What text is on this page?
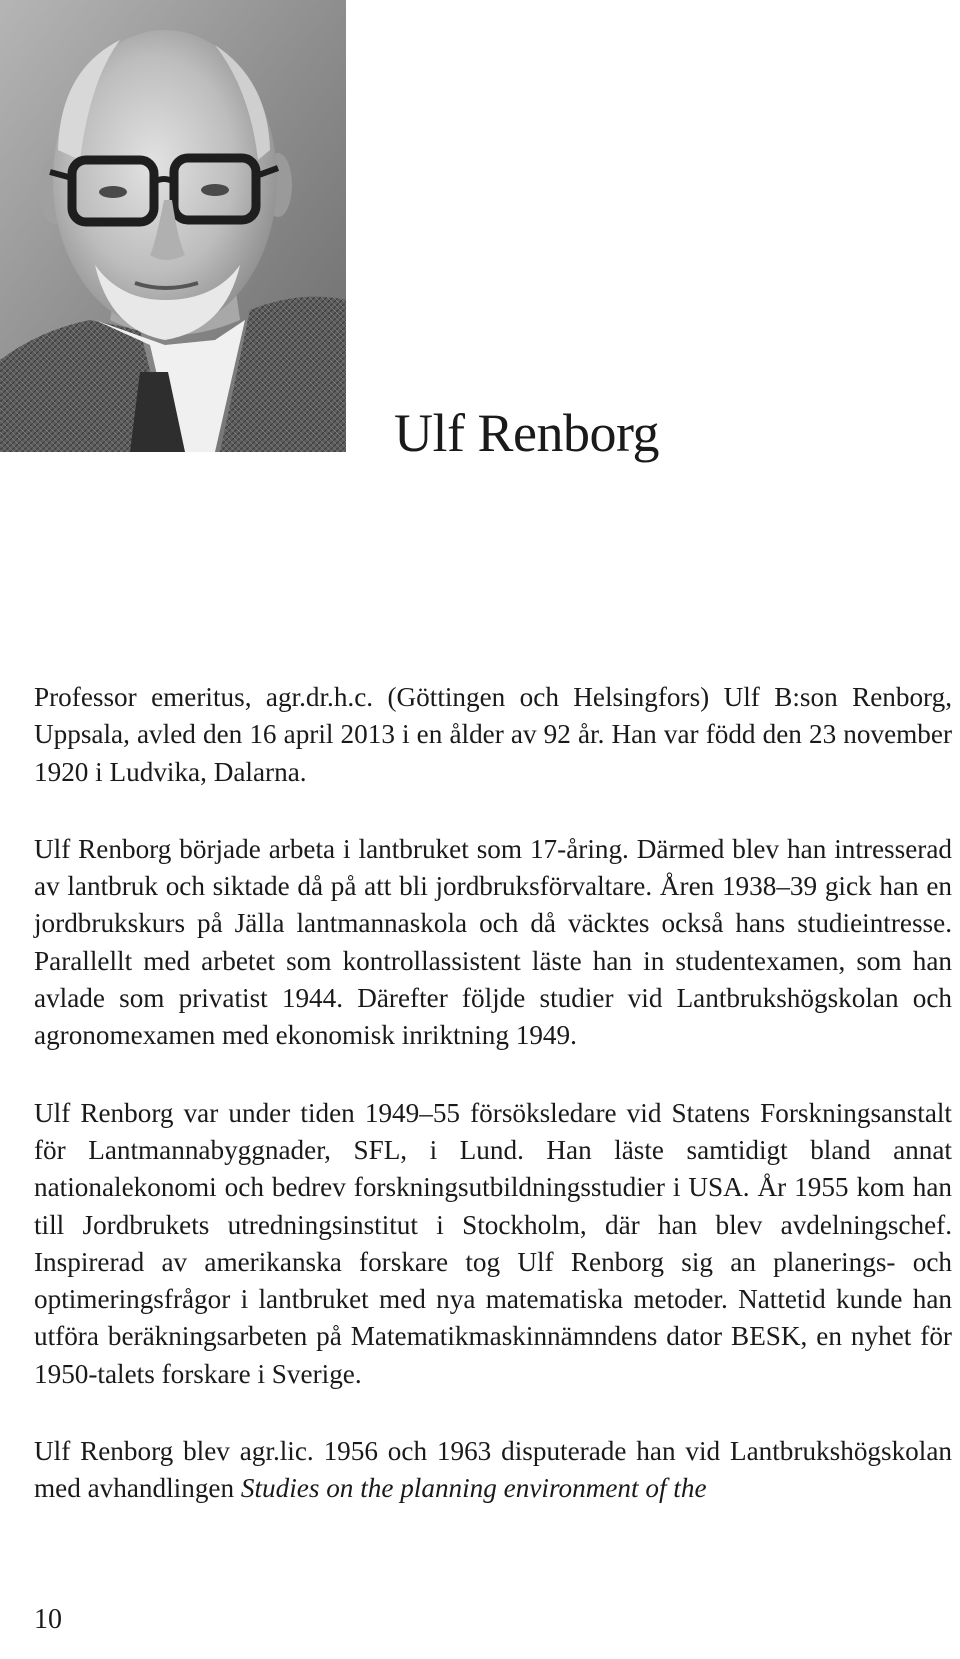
Ulf Renborg

Professor emeritus, agr.dr.h.c. (Göttingen och Helsingfors) Ulf B:son Renborg, Uppsala, avled den 16 april 2013 i en ålder av 92 år. Han var född den 23 november 1920 i Ludvika, Dalarna.

Ulf Renborg började arbeta i lantbruket som 17-åring. Därmed blev han intresserad av lantbruk och siktade då på att bli jordbruksförvaltare. Åren 1938–39 gick han en jordbrukskurs på Jälla lantmannaskola och då väcktes också hans studieintresse. Parallellt med arbetet som kontrollassistent läste han in studentexamen, som han avlade som privatist 1944. Därefter följde studier vid Lantbrukshögskolan och agronomexamen med ekonomisk inriktning 1949.

Ulf Renborg var under tiden 1949–55 försöksledare vid Statens Forskningsanstalt för Lantmannabyggnader, SFL, i Lund. Han läste samtidigt bland annat nationalekonomi och bedrev forskningsutbildningsstudier i USA. År 1955 kom han till Jordbrukets utredningsinstitut i Stockholm, där han blev avdelningschef. Inspirerad av amerikanska forskare tog Ulf Renborg sig an planerings- och optimeringsfrågor i lantbruket med nya matematiska metoder. Nattetid kunde han utföra beräkningsarbeten på Matematikmaskinnämndens dator BESK, en nyhet för 1950-talets forskare i Sverige.

Ulf Renborg blev agr.lic. 1956 och 1963 disputerade han vid Lantbrukshögskolan med avhandlingen Studies on the planning environment of the

10
